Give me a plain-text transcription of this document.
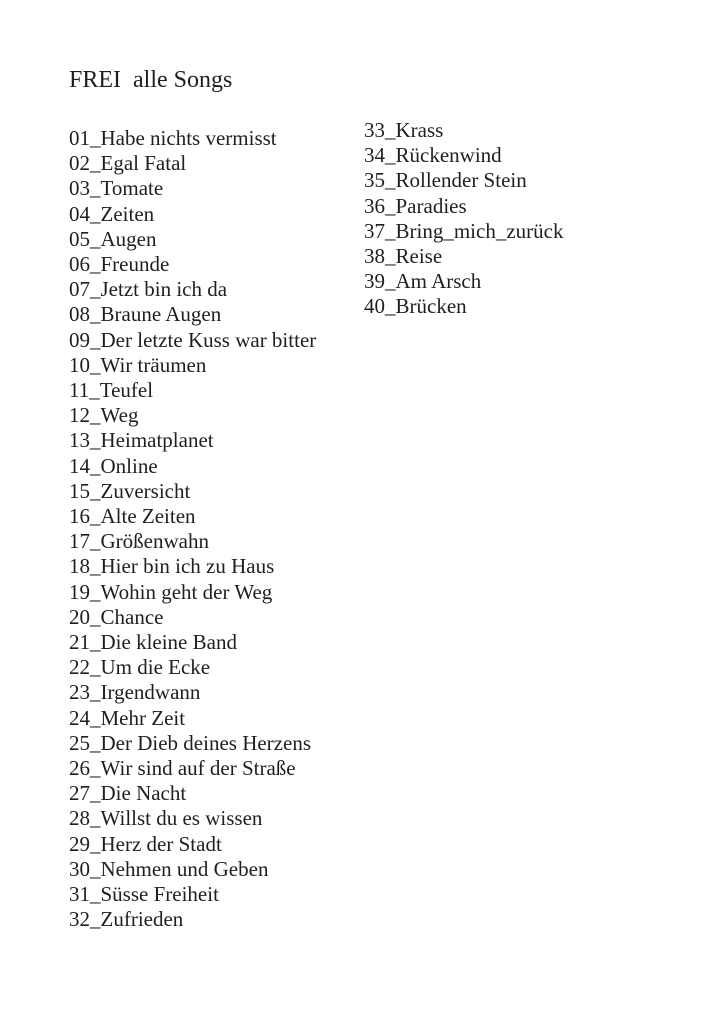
FREI  alle Songs
01_Habe nichts vermisst
02_Egal Fatal
03_Tomate
04_Zeiten
05_Augen
06_Freunde
07_Jetzt bin ich da
08_Braune Augen
09_Der letzte Kuss war bitter
10_Wir träumen
11_Teufel
12_Weg
13_Heimatplanet
14_Online
15_Zuversicht
16_Alte Zeiten
17_Größenwahn
18_Hier bin ich zu Haus
19_Wohin geht der Weg
20_Chance
21_Die kleine Band
22_Um die Ecke
23_Irgendwann
24_Mehr Zeit
25_Der Dieb deines Herzens
26_Wir sind auf der Straße
27_Die Nacht
28_Willst du es wissen
29_Herz der Stadt
30_Nehmen und Geben
31_Süsse Freiheit
32_Zufrieden
33_Krass
34_Rückenwind
35_Rollender Stein
36_Paradies
37_Bring_mich_zurück
38_Reise
39_Am Arsch
40_Brücken
